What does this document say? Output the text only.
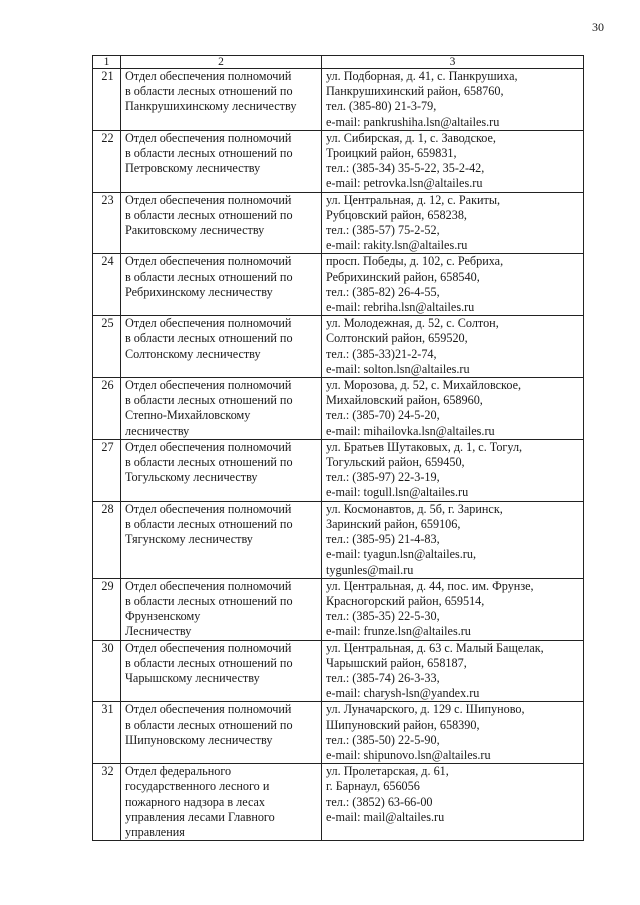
30
1	2	3
21	Отдел обеспечения полномочий
в области лесных отношений по
Панкрушихинскому лесничеству	ул. Подборная, д. 41, с. Панкрушиха,
Панкрушихинский район, 658760,
тел. (385-80) 21-3-79,
e-mail: pankrushiha.lsn@altailes.ru

22	Отдел обеспечения полномочий
в области лесных отношений по
Петровскому лесничеству	ул. Сибирская, д. 1, с. Заводское,
Троицкий район, 659831,
тел.: (385-34) 35-5-22, 35-2-42,
e-mail: petrovka.lsn@altailes.ru

23	Отдел обеспечения полномочий
в области лесных отношений по
Ракитовскому лесничеству	ул. Центральная, д. 12, с. Ракиты,
Рубцовский район, 658238,
тел.: (385-57) 75-2-52,
e-mail: rakity.lsn@altailes.ru

24	Отдел обеспечения полномочий
в области лесных отношений по
Ребрихинскому лесничеству	просп. Победы, д. 102, с. Ребриха,
Ребрихинский район, 658540,
тел.: (385-82) 26-4-55,
e-mail: rebriha.lsn@altailes.ru

25	Отдел обеспечения полномочий
в области лесных отношений по
Солтонскому лесничеству	ул. Молодежная, д. 52, с. Солтон,
Солтонский район, 659520,
тел.: (385-33)21-2-74,
e-mail: solton.lsn@altailes.ru

26	Отдел обеспечения полномочий
в области лесных отношений по
Степно-Михайловскому
лесничеству	ул. Морозова, д. 52, с. Михайловское,
Михайловский район, 658960,
тел.: (385-70) 24-5-20,
e-mail: mihailovka.lsn@altailes.ru

27	Отдел обеспечения полномочий
в области лесных отношений по
Тогульскому лесничеству	ул. Братьев Шутаковых, д. 1, с. Тогул,
Тогульский район, 659450,
тел.: (385-97) 22-3-19,
e-mail: togull.lsn@altailes.ru

28	Отдел обеспечения полномочий
в области лесных отношений по
Тягунскому лесничеству	ул. Космонавтов, д. 5б, г. Заринск,
Заринский район, 659106,
тел.: (385-95) 21-4-83,
e-mail: tyagun.lsn@altailes.ru,
tygunles@mail.ru

29	Отдел обеспечения полномочий
в области лесных отношений по
Фрунзенскому
Лесничеству	ул. Центральная, д. 44, пос. им. Фрунзе,
Красногорский район, 659514,
тел.: (385-35) 22-5-30,
e-mail: frunze.lsn@altailes.ru

30	Отдел обеспечения полномочий
в области лесных отношений по
Чарышскому лесничеству	ул. Центральная, д. 63 с. Малый Бащелак,
Чарышский район, 658187,
тел.: (385-74) 26-3-33,
e-mail: charysh-lsn@yandex.ru

31	Отдел обеспечения полномочий
в области лесных отношений по
Шипуновскому лесничеству	ул. Луначарского, д. 129 с. Шипуново,
Шипуновский район, 658390,
тел.: (385-50) 22-5-90,
e-mail: shipunovo.lsn@altailes.ru

32	Отдел федерального
государственного лесного и
пожарного надзора в лесах
управления лесами Главного
управления	ул. Пролетарская, д. 61,
г. Барнаул, 656056
тел.: (3852) 63-66-00
e-mail: mail@altailes.ru
